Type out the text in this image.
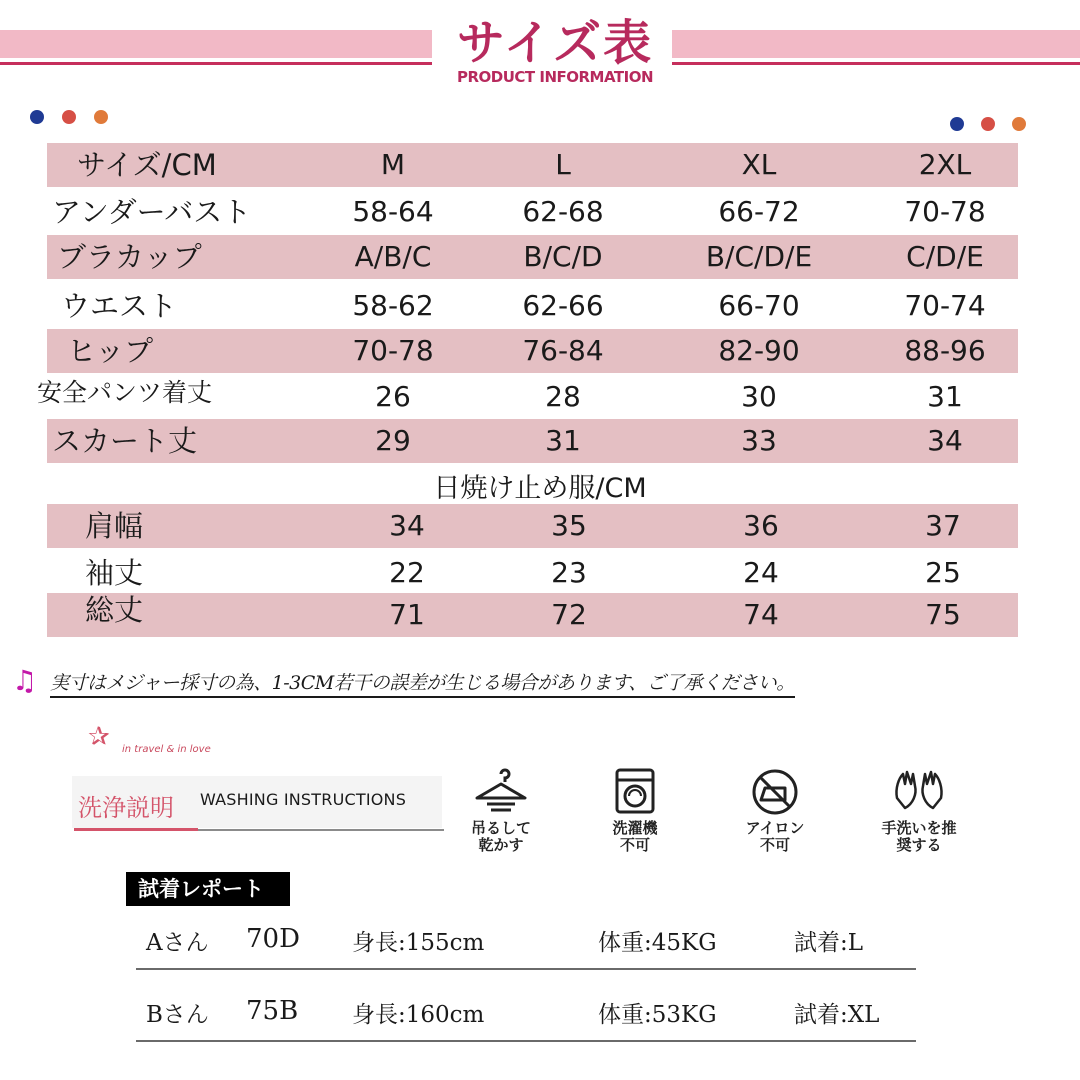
サイズ表
PRODUCT INFORMATION
サイズ/CM	M	L	XL	2XL
アンダーバスト	58-64	62-68	66-72	70-78
ブラカップ	A/B/C	B/C/D	B/C/D/E	C/D/E
ウエスト	58-62	62-66	66-70	70-74
ヒップ	70-78	76-84	82-90	88-96
安全パンツ着丈	26	28	30	31
スカート丈	29	31	33	34
日焼け止め服/CM
肩幅	34	35	36	37
袖丈	22	23	24	25
総丈	71	72	74	75
♫ 実寸はメジャー採寸の為、1-3CM若干の誤差が生じる場合があります、ご了承ください。
✰ in travel & in love
洗浄説明 WASHING INSTRUCTIONS
吊るして
乾かす
洗濯機
不可
アイロン
不可
手洗いを推
奨する
試着レポート
Aさん 70D 身長:155cm	体重:45KG	試着:L
Bさん 75B 身長:160cm	体重:53KG	試着:XL
